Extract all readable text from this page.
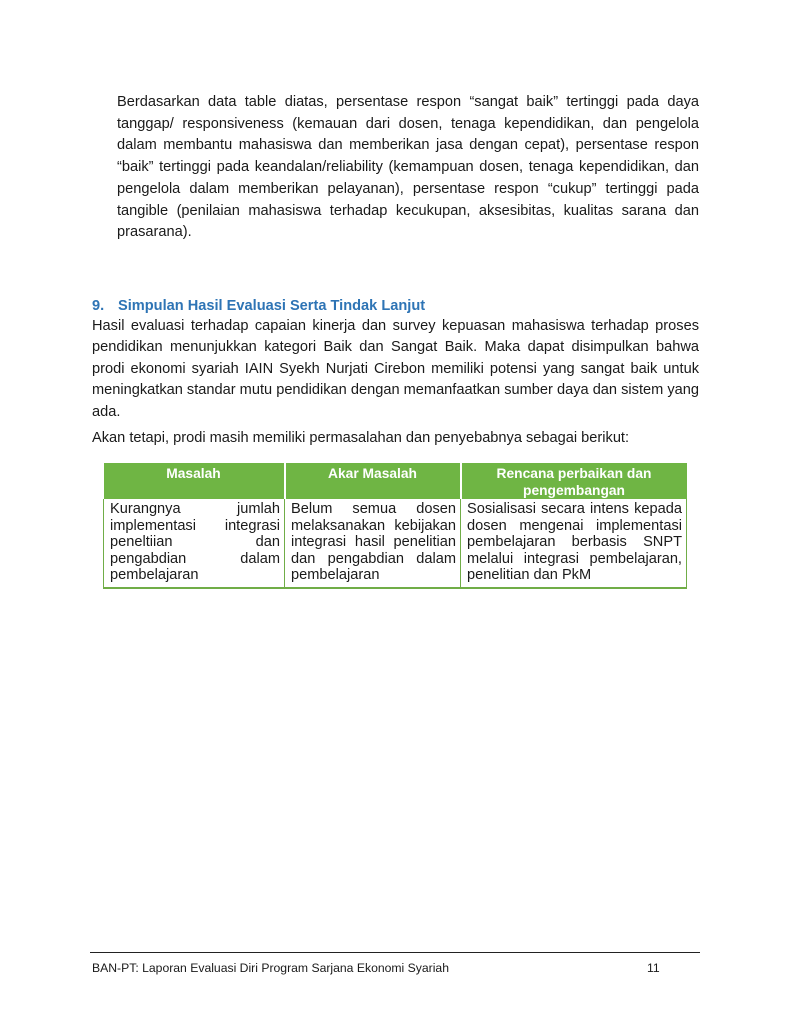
Berdasarkan data table diatas, persentase respon “sangat baik” tertinggi pada daya tanggap/ responsiveness (kemauan dari dosen, tenaga kependidikan, dan pengelola dalam membantu mahasiswa dan memberikan jasa dengan cepat), persentase respon “baik” tertinggi pada keandalan/reliability (kemampuan dosen, tenaga kependidikan, dan pengelola dalam memberikan pelayanan), persentase respon “cukup” tertinggi pada tangible (penilaian mahasiswa terhadap kecukupan, aksesibitas, kualitas sarana dan prasarana).

9. Simpulan Hasil Evaluasi Serta Tindak Lanjut

Hasil evaluasi terhadap capaian kinerja dan survey kepuasan mahasiswa terhadap proses pendidikan menunjukkan kategori Baik dan Sangat Baik. Maka dapat disimpulkan bahwa prodi ekonomi syariah IAIN Syekh Nurjati Cirebon memiliki potensi yang sangat baik untuk meningkatkan standar mutu pendidikan dengan memanfaatkan sumber daya dan sistem yang ada.

Akan tetapi, prodi masih memiliki permasalahan dan penyebabnya sebagai berikut:

Masalah	Akar Masalah	Rencana perbaikan dan pengembangan
Kurangnya jumlah implementasi integrasi peneltiian dan pengabdian dalam pembelajaran	Belum semua dosen melaksanakan kebijakan integrasi hasil penelitian dan pengabdian dalam pembelajaran	Sosialisasi secara intens kepada dosen mengenai implementasi pembelajaran berbasis SNPT melalui integrasi pembelajaran, penelitian dan PkM
BAN-PT: Laporan Evaluasi Diri Program Sarjana Ekonomi Syariah	11
